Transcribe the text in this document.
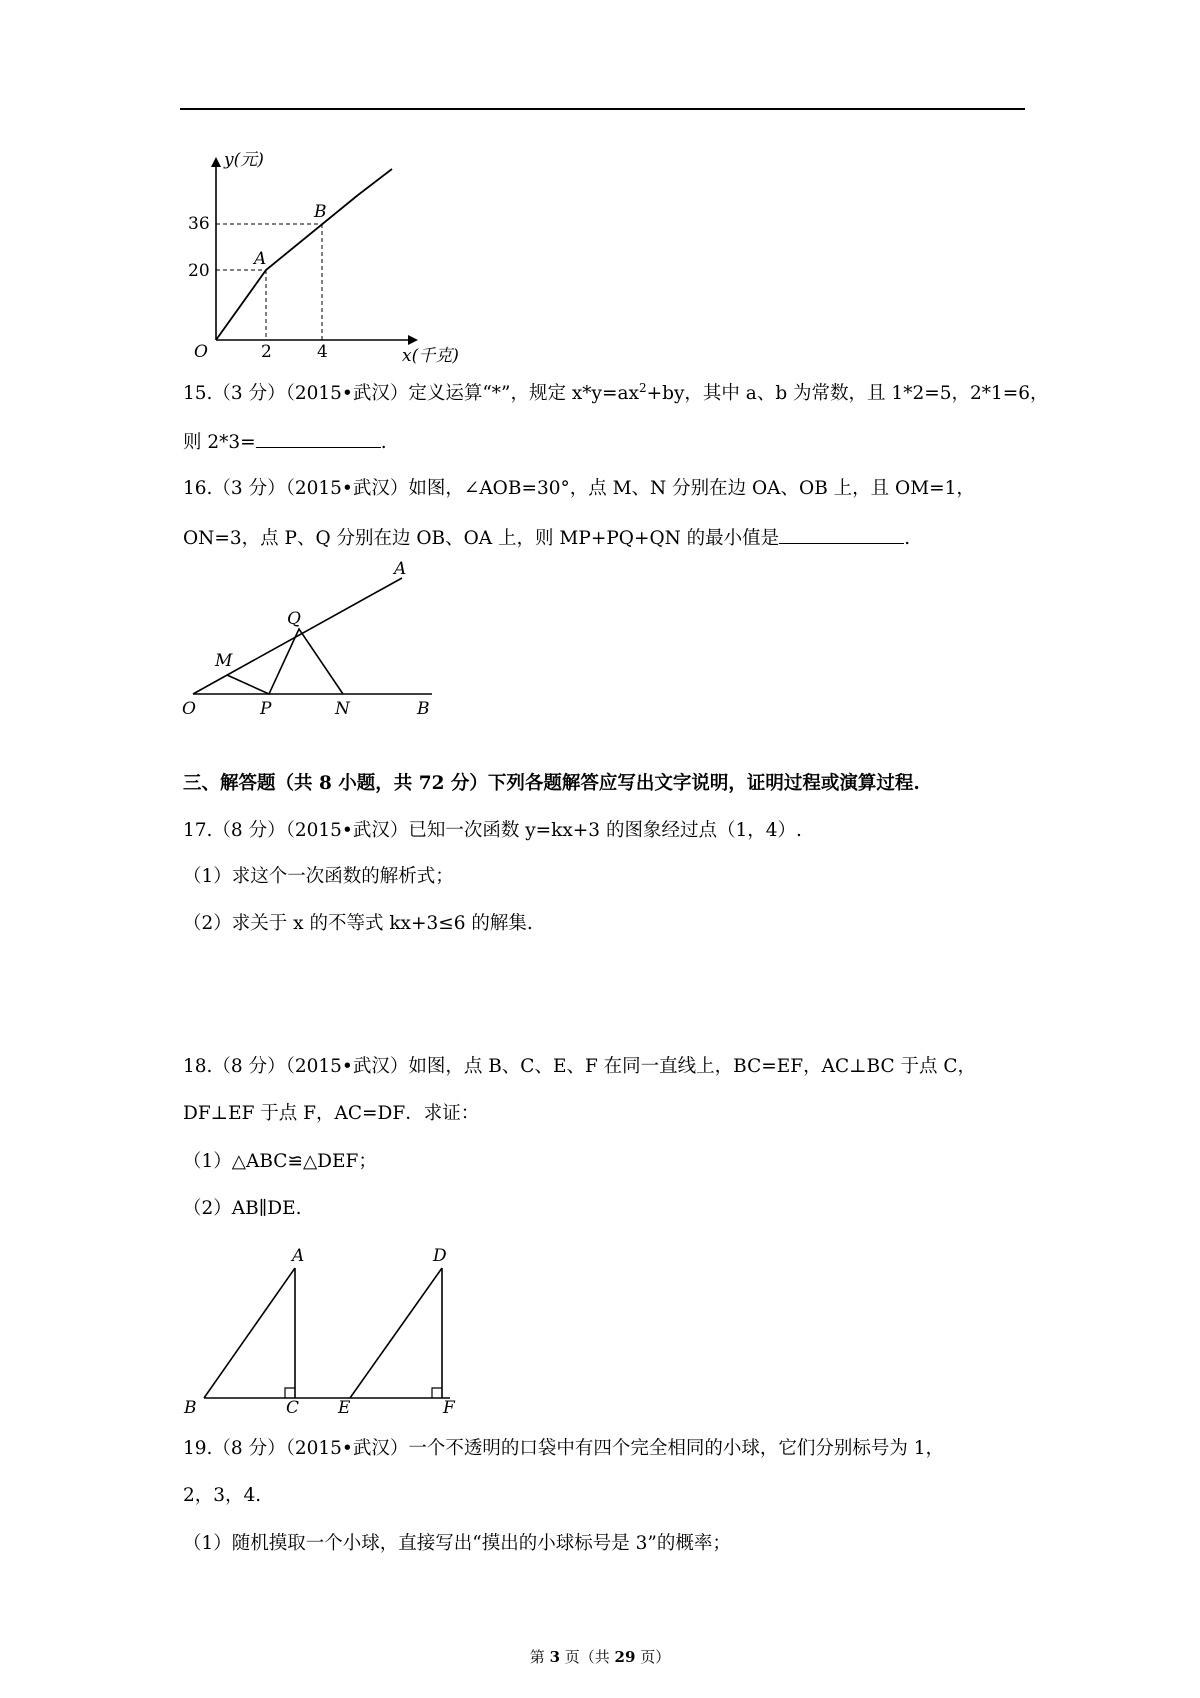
y(元)
36
20
A
B
O	2	4	x(千克)
15.（3 分）（2015•武汉）定义运算“*”，规定 $x*y=ax^2+by$，其中 a、b 为常数，且 1*2=5，2*1=6，
则 2*3=	.
16.（3 分）（2015•武汉）如图，∠AOB=30°，点 M、N 分别在边 OA、OB 上，且 OM=1，
ON=3，点 P、Q 分别在边 OB、OA 上，则 MP+PQ+QN 的最小值是	.
A
Q
M
O	P	N	B
三、解答题（共 8 小题，共 72 分）下列各题解答应写出文字说明，证明过程或演算过程.
17.（8 分）（2015•武汉）已知一次函数 y=kx+3 的图象经过点（1，4）.
（1）求这个一次函数的解析式；
（2）求关于 x 的不等式 kx+3≤6 的解集.
18.（8 分）（2015•武汉）如图，点 B、C、E、F 在同一直线上，BC=EF，AC⊥BC 于点 C，
DF⊥EF 于点 F，AC=DF．求证：
（1）△ABC≌△DEF；
（2）AB∥DE.
A
B	C
D
E	F
19.（8 分）（2015•武汉）一个不透明的口袋中有四个完全相同的小球，它们分别标号为 1，
2，3，4.
（1）随机摸取一个小球，直接写出“摸出的小球标号是 3”的概率；
第 3 页（共 29 页）
